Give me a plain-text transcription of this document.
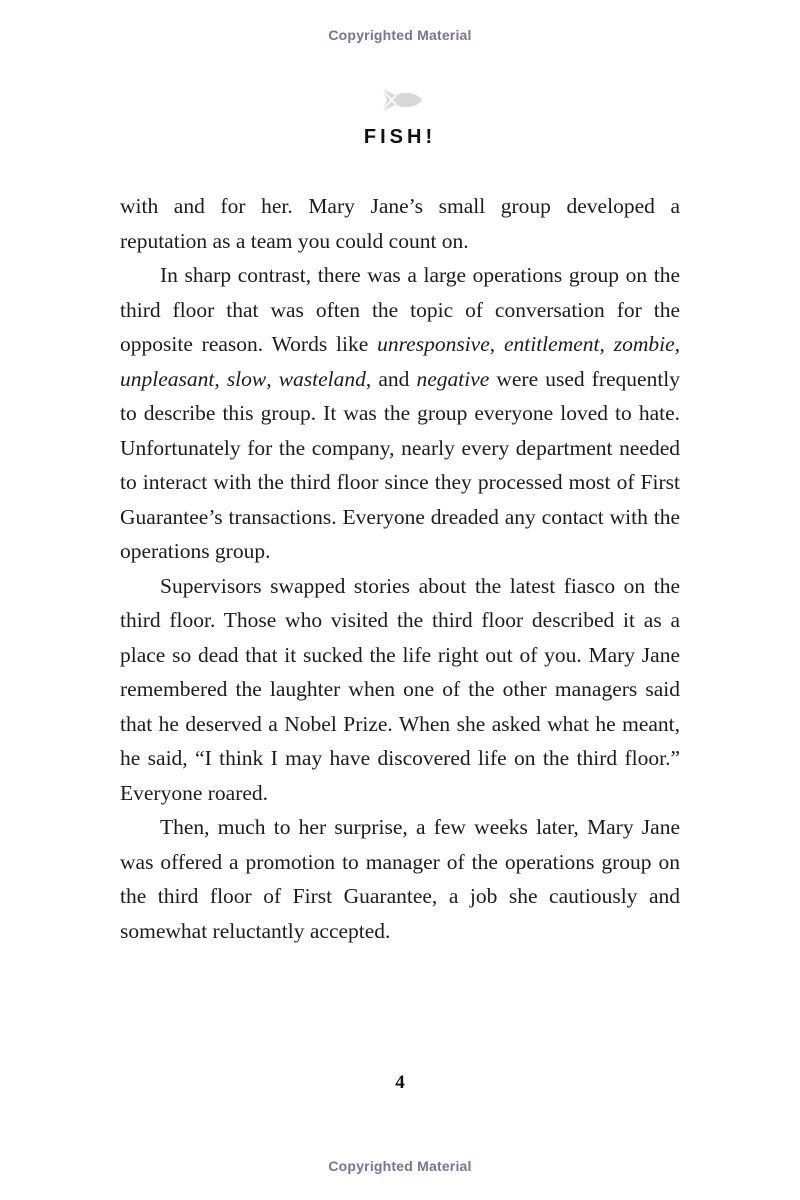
Copyrighted Material
FISH!

with and for her. Mary Jane’s small group developed a reputation as a team you could count on.

In sharp contrast, there was a large operations group on the third floor that was often the topic of conversation for the opposite reason. Words like unresponsive, entitlement, zombie, unpleasant, slow, wasteland, and negative were used frequently to describe this group. It was the group everyone loved to hate. Unfortunately for the company, nearly every department needed to interact with the third floor since they processed most of First Guarantee’s transactions. Everyone dreaded any contact with the operations group.

Supervisors swapped stories about the latest fiasco on the third floor. Those who visited the third floor described it as a place so dead that it sucked the life right out of you. Mary Jane remembered the laughter when one of the other managers said that he deserved a Nobel Prize. When she asked what he meant, he said, “I think I may have discovered life on the third floor.” Everyone roared.

Then, much to her surprise, a few weeks later, Mary Jane was offered a promotion to manager of the operations group on the third floor of First Guarantee, a job she cautiously and somewhat reluctantly accepted.

4
Copyrighted Material
